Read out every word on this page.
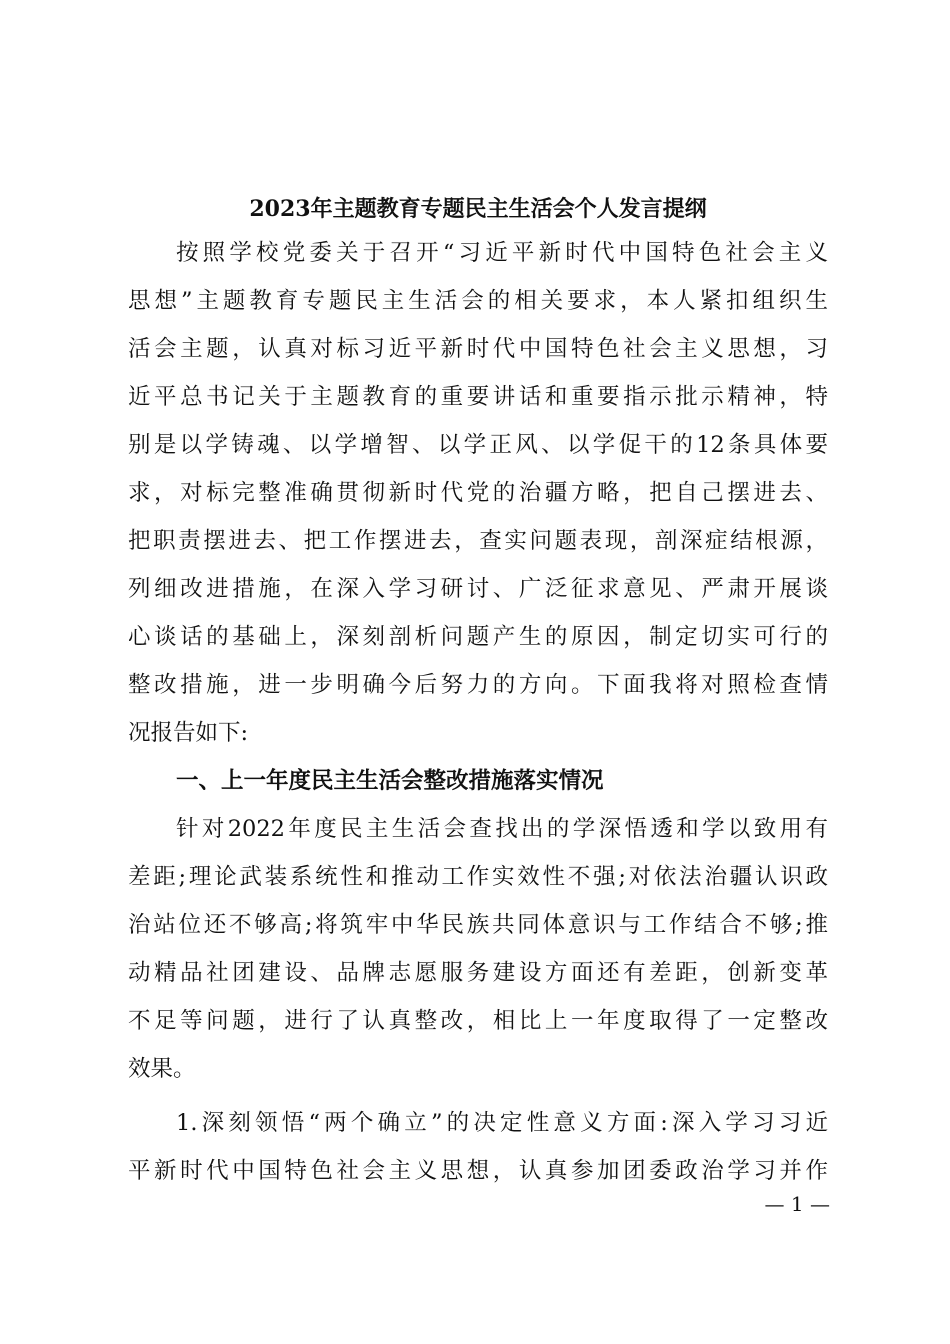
2023年主题教育专题民主生活会个人发言提纲
按照学校党委关于召开“习近平新时代中国特色社会主义
思想”主题教育专题民主生活会的相关要求，本人紧扣组织生
活会主题，认真对标习近平新时代中国特色社会主义思想，习
近平总书记关于主题教育的重要讲话和重要指示批示精神，特
别是以学铸魂、以学增智、以学正风、以学促干的12条具体要
求，对标完整准确贯彻新时代党的治疆方略，把自己摆进去、
把职责摆进去、把工作摆进去，查实问题表现，剖深症结根源，
列细改进措施，在深入学习研讨、广泛征求意见、严肃开展谈
心谈话的基础上，深刻剖析问题产生的原因，制定切实可行的
整改措施，进一步明确今后努力的方向。下面我将对照检查情
况报告如下:
一、上一年度民主生活会整改措施落实情况
针对2022年度民主生活会查找出的学深悟透和学以致用有
差距;理论武装系统性和推动工作实效性不强;对依法治疆认识政
治站位还不够高;将筑牢中华民族共同体意识与工作结合不够;推
动精品社团建设、品牌志愿服务建设方面还有差距，创新变革
不足等问题，进行了认真整改，相比上一年度取得了一定整改
效果。
1.深刻领悟“两个确立”的决定性意义方面:深入学习习近
平新时代中国特色社会主义思想，认真参加团委政治学习并作
— 1 —
